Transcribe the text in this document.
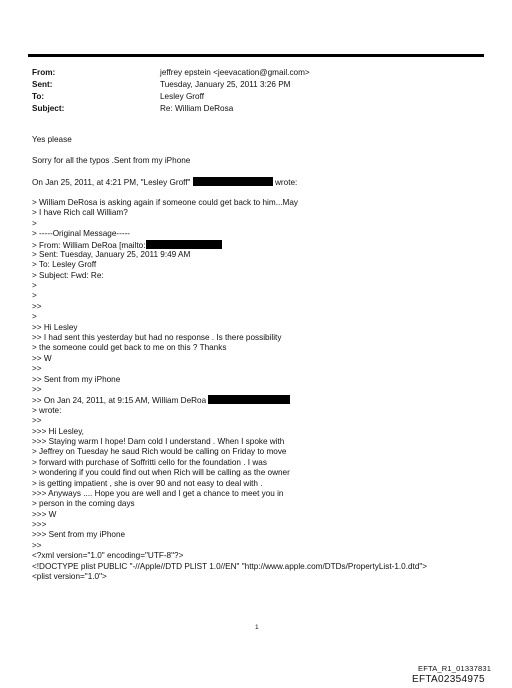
From:	jeffrey epstein <jeevacation@gmail.com>
Sent:	Tuesday, January 25, 2011 3:26 PM
To:	Lesley Groff
Subject:	Re: William DeRosa
Yes please
Sorry for all the typos .Sent from my iPhone
On Jan 25, 2011, at 4:21 PM, "Lesley Groff"	wrote:
> William DeRosa is asking again if someone could get back to him...May
> I have Rich call William?
>
> -----Original Message-----
> From: William DeRoa [mailto:
> Sent: Tuesday, January 25, 2011 9:49 AM
> To: Lesley Groff
> Subject: Fwd: Re:
>
>
>>
>
>> Hi Lesley
>> I had sent this yesterday but had no response . Is there possibility
> the someone could get back to me on this ? Thanks
>> W
>>
>> Sent from my iPhone
>>
>> On Jan 24, 2011, at 9:15 AM, William DeRoa
> wrote:
>>
>>> Hi Lesley,
>>> Staying warm I hope! Darn cold I understand . When I spoke with
> Jeffrey on Tuesday he saud Rich would be calling on Friday to move
> forward with purchase of Soffritti cello for the foundation . I was
> wondering if you could find out when Rich will be calling as the owner
> is getting impatient , she is over 90 and not easy to deal with .
>>> Anyways .... Hope you are well and I get a chance to meet you in
> person in the coming days
>>> W
>>>
>>> Sent from my iPhone
>>
<?xml version="1.0" encoding="UTF-8"?>
<!DOCTYPE plist PUBLIC "-//Apple//DTD PLIST 1.0//EN" "http://www.apple.com/DTDs/PropertyList-1.0.dtd">
<plist version="1.0">
1
EFTA_R1_01337831
EFTA02354975
